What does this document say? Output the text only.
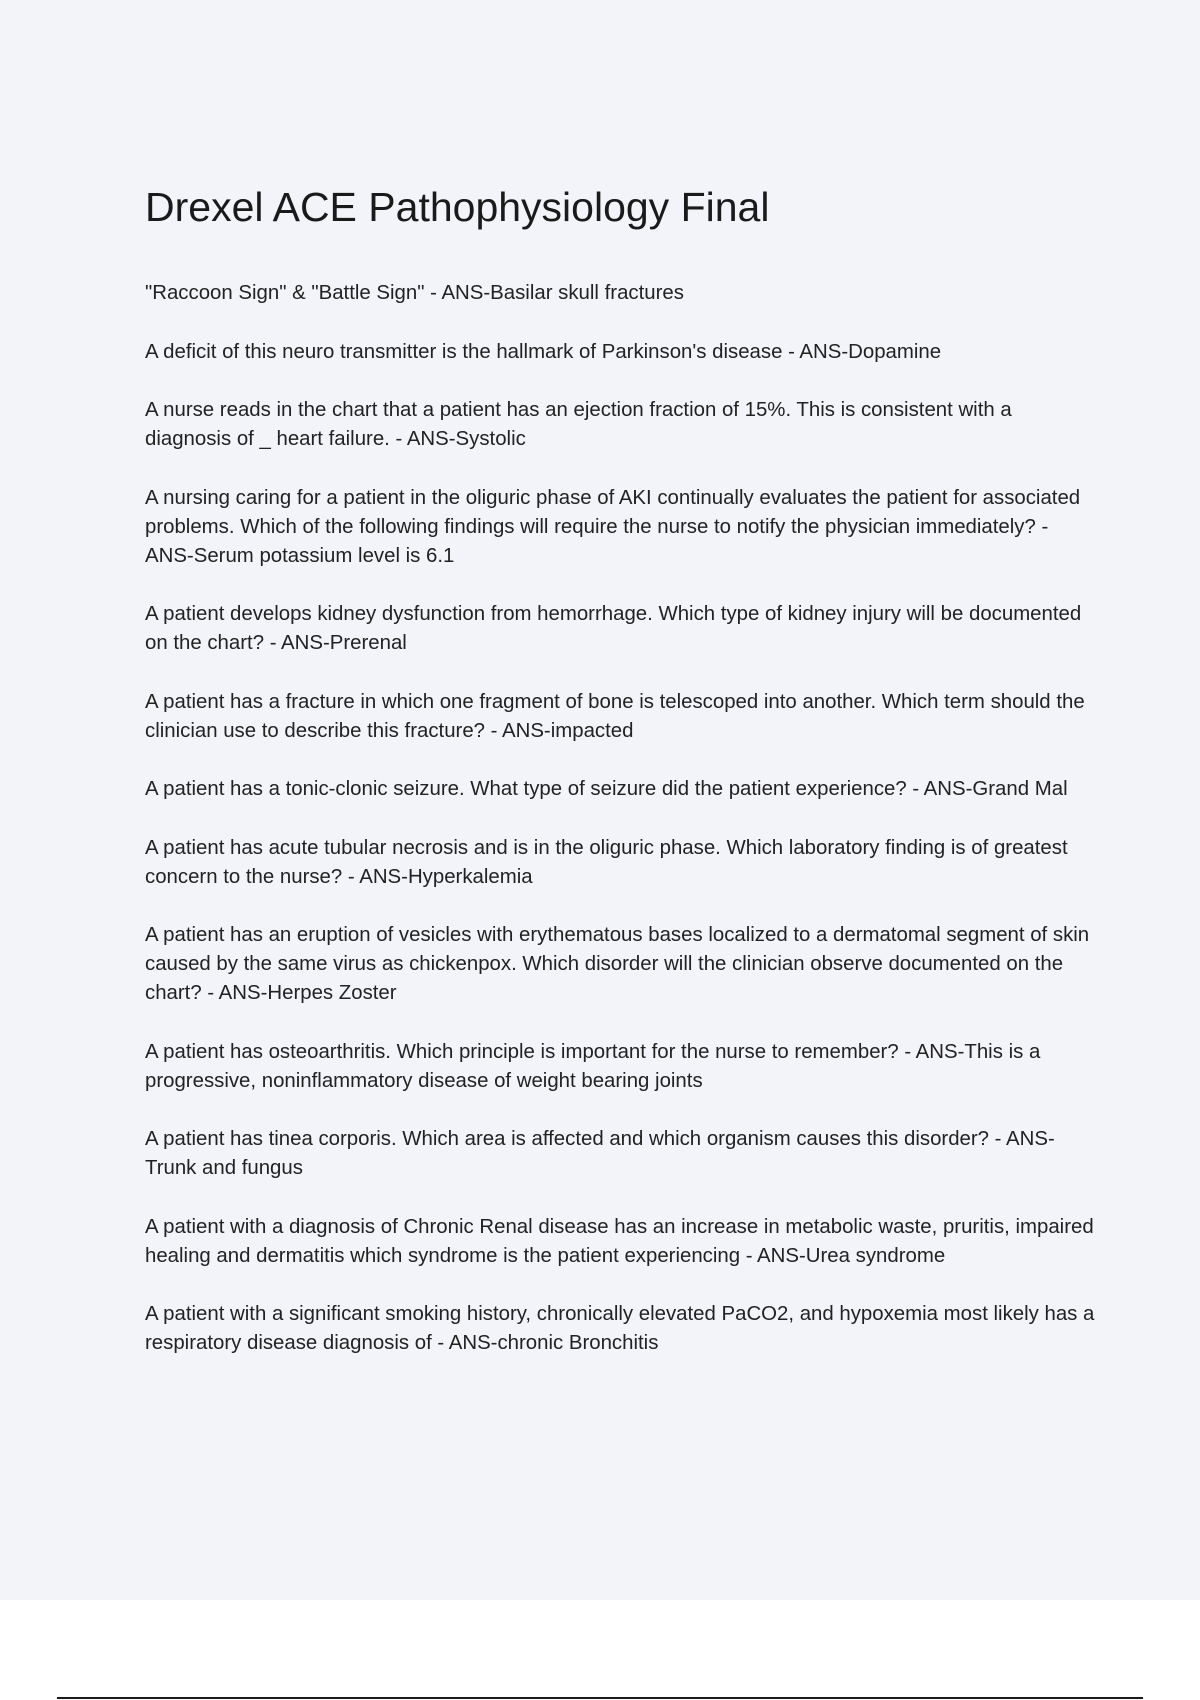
Drexel ACE Pathophysiology Final
"Raccoon Sign" & "Battle Sign" - ANS-Basilar skull fractures
A deficit of this neuro transmitter is the hallmark of Parkinson's disease - ANS-Dopamine
A nurse reads in the chart that a patient has an ejection fraction of 15%. This is consistent with a diagnosis of _ heart failure. - ANS-Systolic
A nursing caring for a patient in the oliguric phase of AKI continually evaluates the patient for associated problems. Which of the following findings will require the nurse to notify the physician immediately? - ANS-Serum potassium level is 6.1
A patient develops kidney dysfunction from hemorrhage. Which type of kidney injury will be documented on the chart? - ANS-Prerenal
A patient has a fracture in which one fragment of bone is telescoped into another. Which term should the clinician use to describe this fracture? - ANS-impacted
A patient has a tonic-clonic seizure. What type of seizure did the patient experience? - ANS-Grand Mal
A patient has acute tubular necrosis and is in the oliguric phase. Which laboratory finding is of greatest concern to the nurse? - ANS-Hyperkalemia
A patient has an eruption of vesicles with erythematous bases localized to a dermatomal segment of skin caused by the same virus as chickenpox. Which disorder will the clinician observe documented on the chart? - ANS-Herpes Zoster
A patient has osteoarthritis. Which principle is important for the nurse to remember? - ANS-This is a progressive, noninflammatory disease of weight bearing joints
A patient has tinea corporis. Which area is affected and which organism causes this disorder? - ANS-Trunk and fungus
A patient with a diagnosis of Chronic Renal disease has an increase in metabolic waste, pruritis, impaired healing and dermatitis which syndrome is the patient experiencing - ANS-Urea syndrome
A patient with a significant smoking history, chronically elevated PaCO2, and hypoxemia most likely has a respiratory disease diagnosis of - ANS-chronic Bronchitis
